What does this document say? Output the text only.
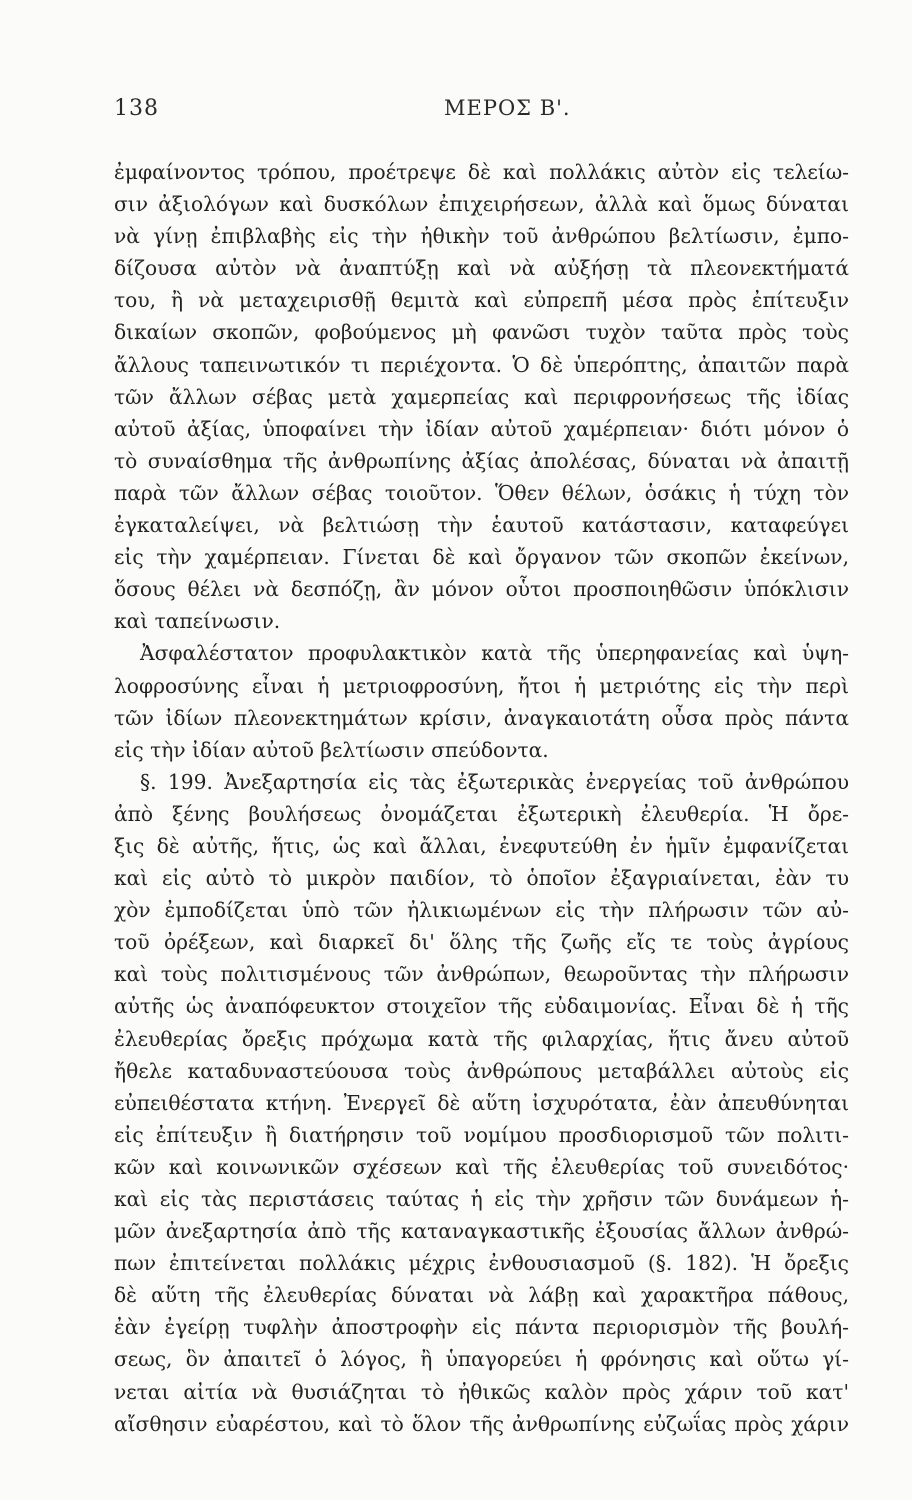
138	ΜΕΡΟΣ Β'.
ἐμφαίνοντος τρόπου, προέτρεψε δὲ καὶ πολλάκις αὐτὸν εἰς τελείω-
σιν ἀξιολόγων καὶ δυσκόλων ἐπιχειρήσεων, ἀλλὰ καὶ ὅμως δύναται
νὰ γίνῃ ἐπιβλαβὴς εἰς τὴν ἠθικὴν τοῦ ἀνθρώπου βελτίωσιν, ἐμπο-
δίζουσα αὐτὸν νὰ ἀναπτύξῃ καὶ νὰ αὐξήσῃ τὰ πλεονεκτήματά
του, ἢ νὰ μεταχειρισθῇ θεμιτὰ καὶ εὐπρεπῆ μέσα πρὸς ἐπίτευξιν
δικαίων σκοπῶν, φοβούμενος μὴ φανῶσι τυχὸν ταῦτα πρὸς τοὺς
ἄλλους ταπεινωτικόν τι περιέχοντα. Ὁ δὲ ὑπερόπτης, ἀπαιτῶν παρὰ
τῶν ἄλλων σέβας μετὰ χαμερπείας καὶ περιφρονήσεως τῆς ἰδίας
αὐτοῦ ἀξίας, ὑποφαίνει τὴν ἰδίαν αὐτοῦ χαμέρπειαν· διότι μόνον ὁ
τὸ συναίσθημα τῆς ἀνθρωπίνης ἀξίας ἀπολέσας, δύναται νὰ ἀπαιτῇ
παρὰ τῶν ἄλλων σέβας τοιοῦτον. Ὅθεν θέλων, ὁσάκις ἡ τύχη τὸν
ἐγκαταλείψει, νὰ βελτιώσῃ τὴν ἑαυτοῦ κατάστασιν, καταφεύγει
εἰς τὴν χαμέρπειαν. Γίνεται δὲ καὶ ὄργανον τῶν σκοπῶν ἐκείνων,
ὅσους θέλει νὰ δεσπόζῃ, ἂν μόνον οὗτοι προσποιηθῶσιν ὑπόκλισιν
καὶ ταπείνωσιν.
Ἀσφαλέστατον προφυλακτικὸν κατὰ τῆς ὑπερηφανείας καὶ ὑψη-
λοφροσύνης εἶναι ἡ μετριοφροσύνη, ἤτοι ἡ μετριότης εἰς τὴν περὶ
τῶν ἰδίων πλεονεκτημάτων κρίσιν, ἀναγκαιοτάτη οὖσα πρὸς πάντα
εἰς τὴν ἰδίαν αὐτοῦ βελτίωσιν σπεύδοντα.
§. 199. Ἀνεξαρτησία εἰς τὰς ἐξωτερικὰς ἐνεργείας τοῦ ἀνθρώπου
ἀπὸ ξένης βουλήσεως ὀνομάζεται ἐξωτερικὴ ἐλευθερία. Ἡ ὄρε-
ξις δὲ αὐτῆς, ἥτις, ὡς καὶ ἄλλαι, ἐνεφυτεύθη ἐν ἡμῖν ἐμφανίζεται
καὶ εἰς αὐτὸ τὸ μικρὸν παιδίον, τὸ ὁποῖον ἐξαγριαίνεται, ἐὰν τυ
χὸν ἐμποδίζεται ὑπὸ τῶν ἠλικιωμένων εἰς τὴν πλήρωσιν τῶν αὐ-
τοῦ ὀρέξεων, καὶ διαρκεῖ δι' ὅλης τῆς ζωῆς εἴς τε τοὺς ἀγρίους
καὶ τοὺς πολιτισμένους τῶν ἀνθρώπων, θεωροῦντας τὴν πλήρωσιν
αὐτῆς ὡς ἀναπόφευκτον στοιχεῖον τῆς εὐδαιμονίας. Εἶναι δὲ ἡ τῆς
ἐλευθερίας ὄρεξις πρόχωμα κατὰ τῆς φιλαρχίας, ἥτις ἄνευ αὐτοῦ
ἤθελε καταδυναστεύουσα τοὺς ἀνθρώπους μεταβάλλει αὐτοὺς εἰς
εὐπειθέστατα κτήνη. Ἐνεργεῖ δὲ αὕτη ἰσχυρότατα, ἐὰν ἀπευθύνηται
εἰς ἐπίτευξιν ἢ διατήρησιν τοῦ νομίμου προσδιορισμοῦ τῶν πολιτι-
κῶν καὶ κοινωνικῶν σχέσεων καὶ τῆς ἐλευθερίας τοῦ συνειδότος·
καὶ εἰς τὰς περιστάσεις ταύτας ἡ εἰς τὴν χρῆσιν τῶν δυνάμεων ἡ-
μῶν ἀνεξαρτησία ἀπὸ τῆς καταναγκαστικῆς ἐξουσίας ἄλλων ἀνθρώ-
πων ἐπιτείνεται πολλάκις μέχρις ἐνθουσιασμοῦ (§. 182). Ἡ ὄρεξις
δὲ αὕτη τῆς ἐλευθερίας δύναται νὰ λάβῃ καὶ χαρακτῆρα πάθους,
ἐὰν ἐγείρῃ τυφλὴν ἀποστροφὴν εἰς πάντα περιορισμὸν τῆς βουλή-
σεως, ὃν ἀπαιτεῖ ὁ λόγος, ἢ ὑπαγορεύει ἡ φρόνησις καὶ οὕτω γί-
νεται αἰτία νὰ θυσιάζηται τὸ ἠθικῶς καλὸν πρὸς χάριν τοῦ κατ'
αἴσθησιν εὐαρέστου, καὶ τὸ ὅλον τῆς ἀνθρωπίνης εὐζωΐας πρὸς χάριν
